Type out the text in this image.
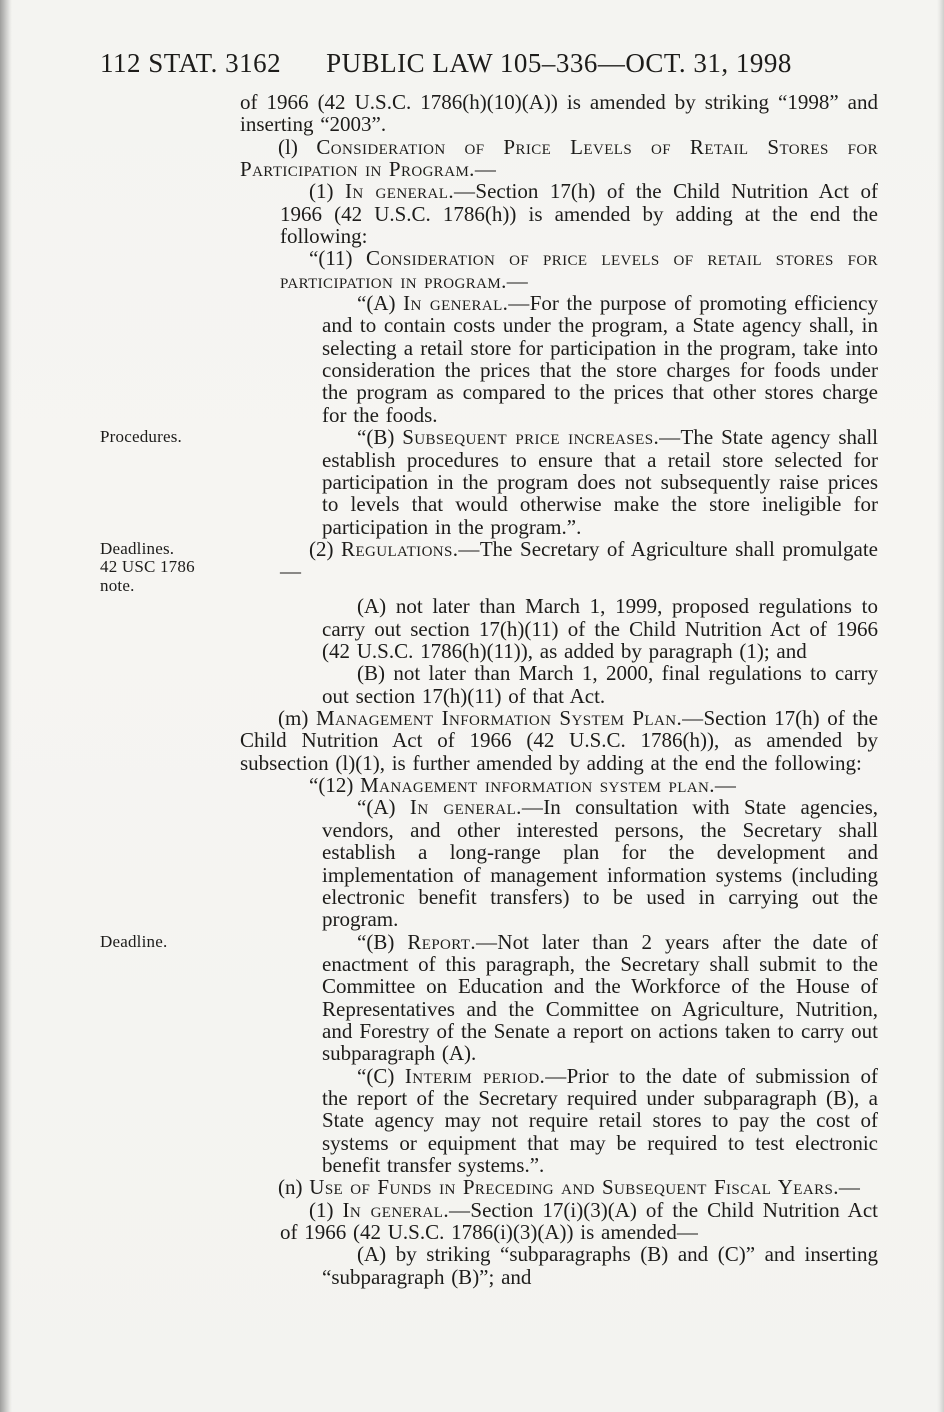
112 STAT. 3162	PUBLIC LAW 105–336—OCT. 31, 1998

of 1966 (42 U.S.C. 1786(h)(10)(A)) is amended by striking “1998” and inserting “2003”.

(l) Consideration of Price Levels of Retail Stores for Participation in Program.—

(1) In general.—Section 17(h) of the Child Nutrition Act of 1966 (42 U.S.C. 1786(h)) is amended by adding at the end the following:

“(11) Consideration of price levels of retail stores for participation in program.—

“(A) In general.—For the purpose of promoting efficiency and to contain costs under the program, a State agency shall, in selecting a retail store for participation in the program, take into consideration the prices that the store charges for foods under the program as compared to the prices that other stores charge for the foods.

Procedures.	“(B) Subsequent price increases.—The State agency shall establish procedures to ensure that a retail store selected for participation in the program does not subsequently raise prices to levels that would otherwise make the store ineligible for participation in the program.”.

Deadlines.
42 USC 1786
note.

(2) Regulations.—The Secretary of Agriculture shall promulgate—

(A) not later than March 1, 1999, proposed regulations to carry out section 17(h)(11) of the Child Nutrition Act of 1966 (42 U.S.C. 1786(h)(11)), as added by paragraph (1); and

(B) not later than March 1, 2000, final regulations to carry out section 17(h)(11) of that Act.

(m) Management Information System Plan.—Section 17(h) of the Child Nutrition Act of 1966 (42 U.S.C. 1786(h)), as amended by subsection (l)(1), is further amended by adding at the end the following:

“(12) Management information system plan.—

“(A) In general.—In consultation with State agencies, vendors, and other interested persons, the Secretary shall establish a long-range plan for the development and implementation of management information systems (including electronic benefit transfers) to be used in carrying out the program.

Deadline.	“(B) Report.—Not later than 2 years after the date of enactment of this paragraph, the Secretary shall submit to the Committee on Education and the Workforce of the House of Representatives and the Committee on Agriculture, Nutrition, and Forestry of the Senate a report on actions taken to carry out subparagraph (A).

“(C) Interim period.—Prior to the date of submission of the report of the Secretary required under subparagraph (B), a State agency may not require retail stores to pay the cost of systems or equipment that may be required to test electronic benefit transfer systems.”.

(n) Use of Funds in Preceding and Subsequent Fiscal Years.—

(1) In general.—Section 17(i)(3)(A) of the Child Nutrition Act of 1966 (42 U.S.C. 1786(i)(3)(A)) is amended—

(A) by striking “subparagraphs (B) and (C)” and inserting “subparagraph (B)”; and
